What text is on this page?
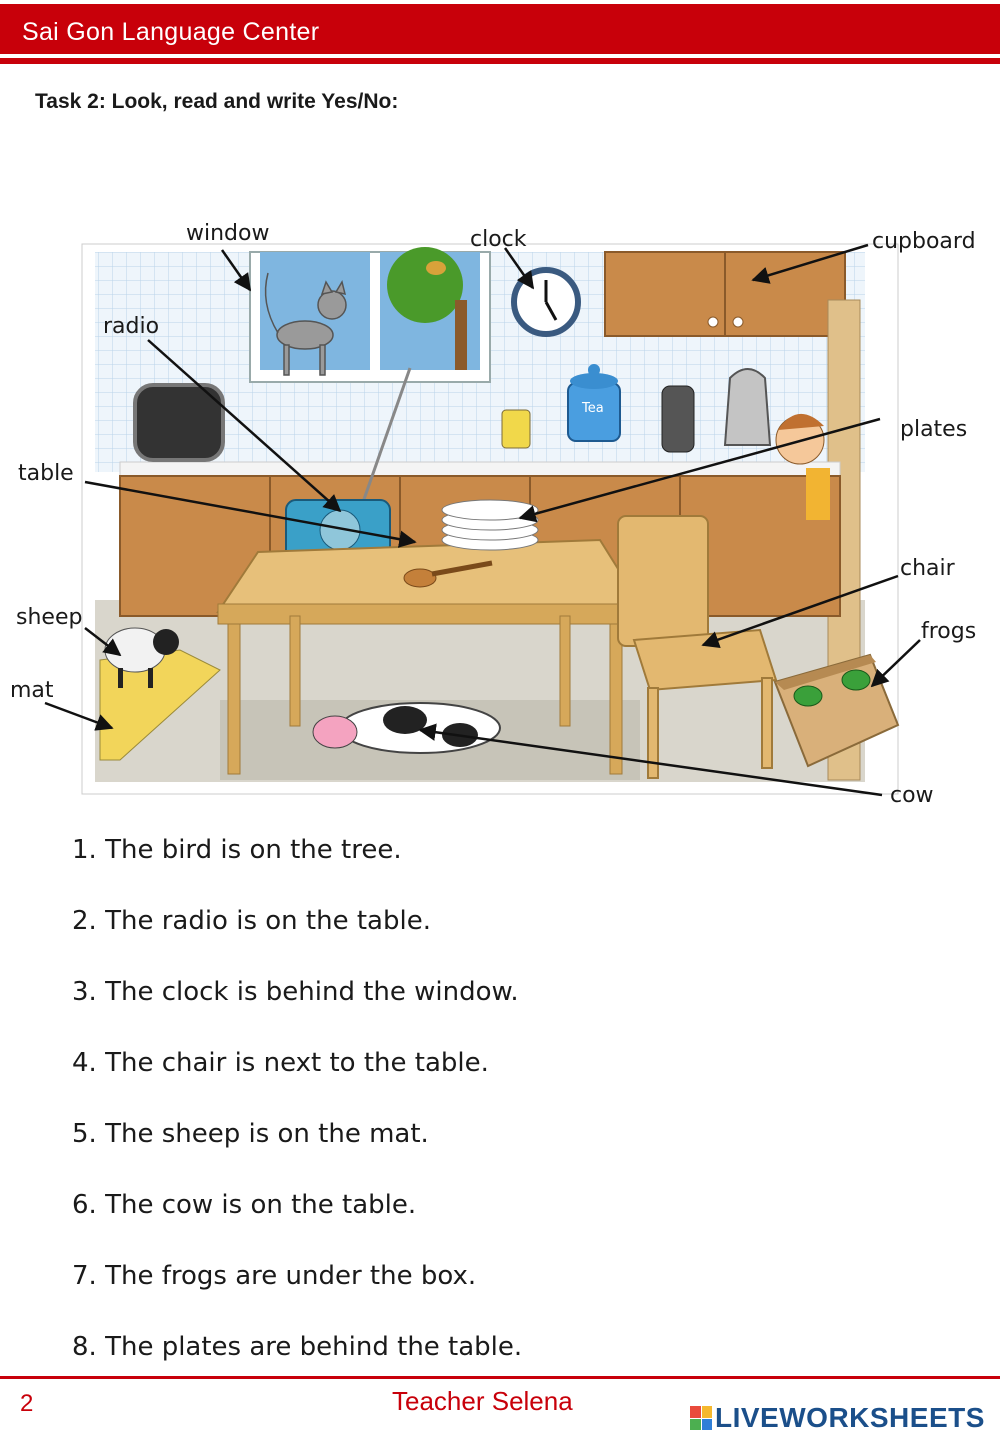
Sai Gon Language Center
Task 2: Look, read and write Yes/No:
Tea
window	clock	cupboard
radio
plates
table
chair
sheep
frogs
mat
cow
1. The bird is on the tree.
2. The radio is on the table.
3. The clock is behind the window.
4. The chair is next to the table.
5. The sheep is on the mat.
6. The cow is on the table.
7. The frogs are under the box.
8. The plates are behind the table.
2	Teacher Selena
LIVEWORKSHEETS
